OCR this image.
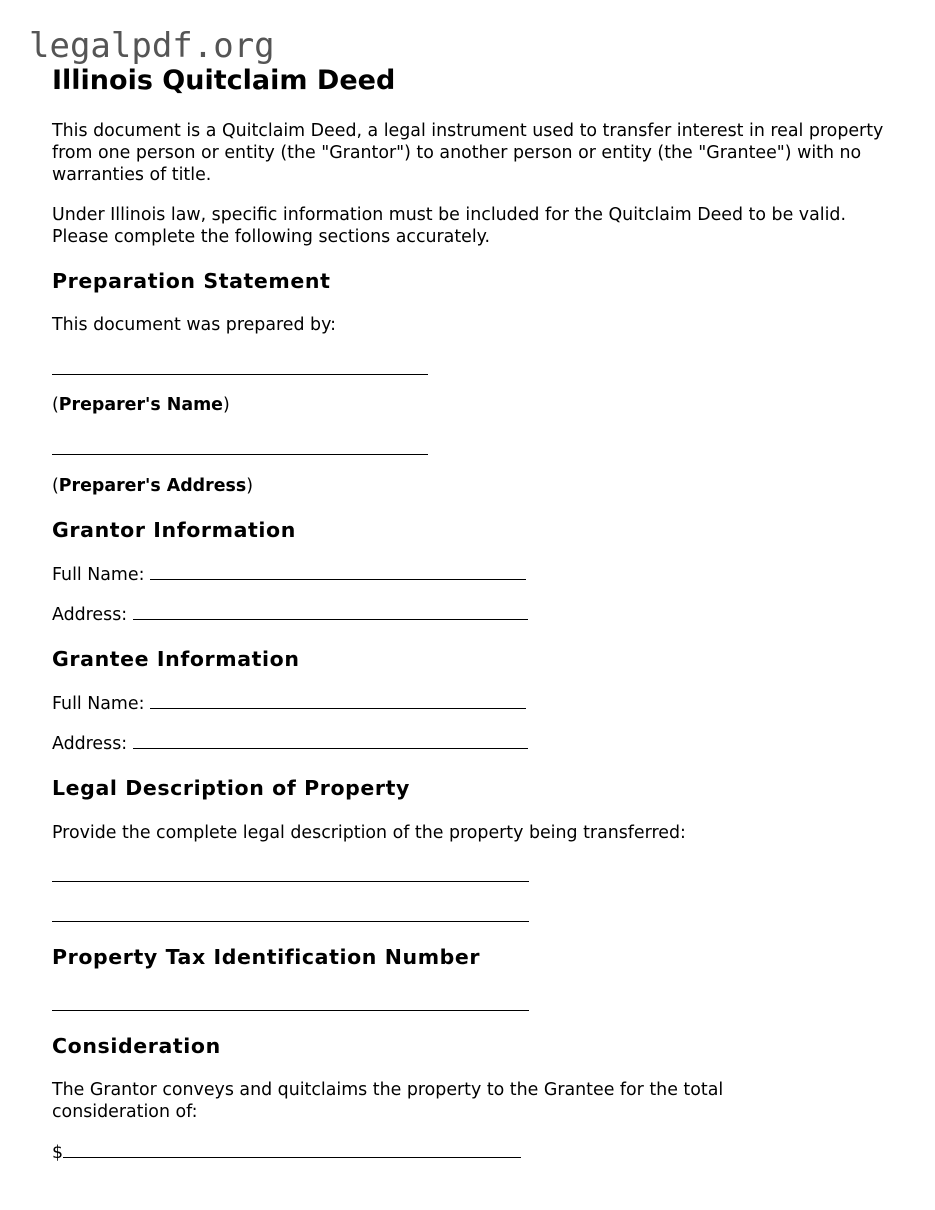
legalpdf.org
Illinois Quitclaim Deed
This document is a Quitclaim Deed, a legal instrument used to transfer interest in real property from one person or entity (the "Grantor") to another person or entity (the "Grantee") with no warranties of title.
Under Illinois law, specific information must be included for the Quitclaim Deed to be valid. Please complete the following sections accurately.
Preparation Statement
This document was prepared by:
(Preparer's Name)
(Preparer's Address)
Grantor Information
Full Name:
Address:
Grantee Information
Full Name:
Address:
Legal Description of Property
Provide the complete legal description of the property being transferred:
Property Tax Identification Number
Consideration
The Grantor conveys and quitclaims the property to the Grantee for the total consideration of:
$
